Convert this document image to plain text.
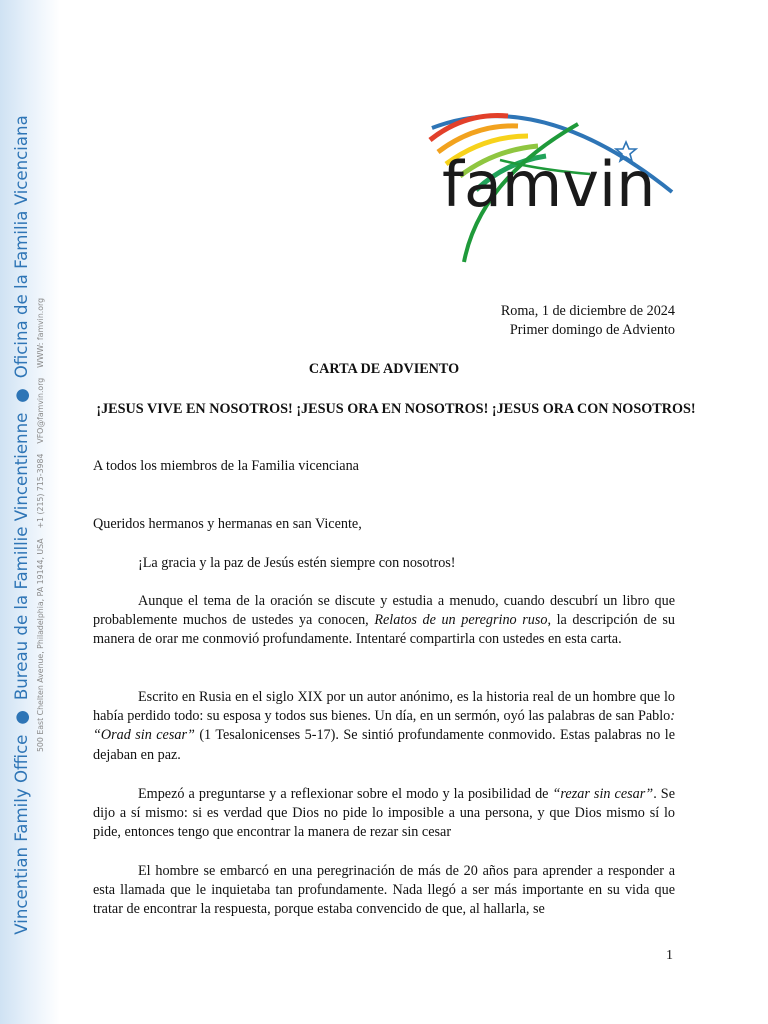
Vincentian Family Office●Bureau de la Famillie Vincentienne●Oficina de la Familia Vicenciana
500 East Chelten Avenue, Philadelphia, PA 19144, USA    +1 (215) 715-3984    VFO@famvin.org    WWW: famvin.org
famvin

Roma, 1 de diciembre de 2024

Primer domingo de Adviento

CARTA DE ADVIENTO

¡JESUS VIVE EN NOSOTROS! ¡JESUS ORA EN NOSOTROS! ¡JESUS ORA CON NOSOTROS!

A todos los miembros de la Familia vicenciana

Queridos hermanos y hermanas en san Vicente,

¡La gracia y la paz de Jesús estén siempre con nosotros!

Aunque el tema de la oración se discute y estudia a menudo, cuando descubrí un libro que probablemente muchos de ustedes ya conocen, Relatos de un peregrino ruso, la descripción de su manera de orar me conmovió profundamente. Intentaré compartirla con ustedes en esta carta.

Escrito en Rusia en el siglo XIX por un autor anónimo, es la historia real de un hombre que lo había perdido todo: su esposa y todos sus bienes. Un día, en un sermón, oyó las palabras de san Pablo: “Orad sin cesar” (1 Tesalonicenses 5-17). Se sintió profundamente conmovido. Estas palabras no le dejaban en paz.

Empezó a preguntarse y a reflexionar sobre el modo y la posibilidad de “rezar sin cesar”. Se dijo a sí mismo: si es verdad que Dios no pide lo imposible a una persona, y que Dios mismo sí lo pide, entonces tengo que encontrar la manera de rezar sin cesar

El hombre se embarcó en una peregrinación de más de 20 años para aprender a responder a esta llamada que le inquietaba tan profundamente. Nada llegó a ser más importante en su vida que tratar de encontrar la respuesta, porque estaba convencido de que, al hallarla, se

1
